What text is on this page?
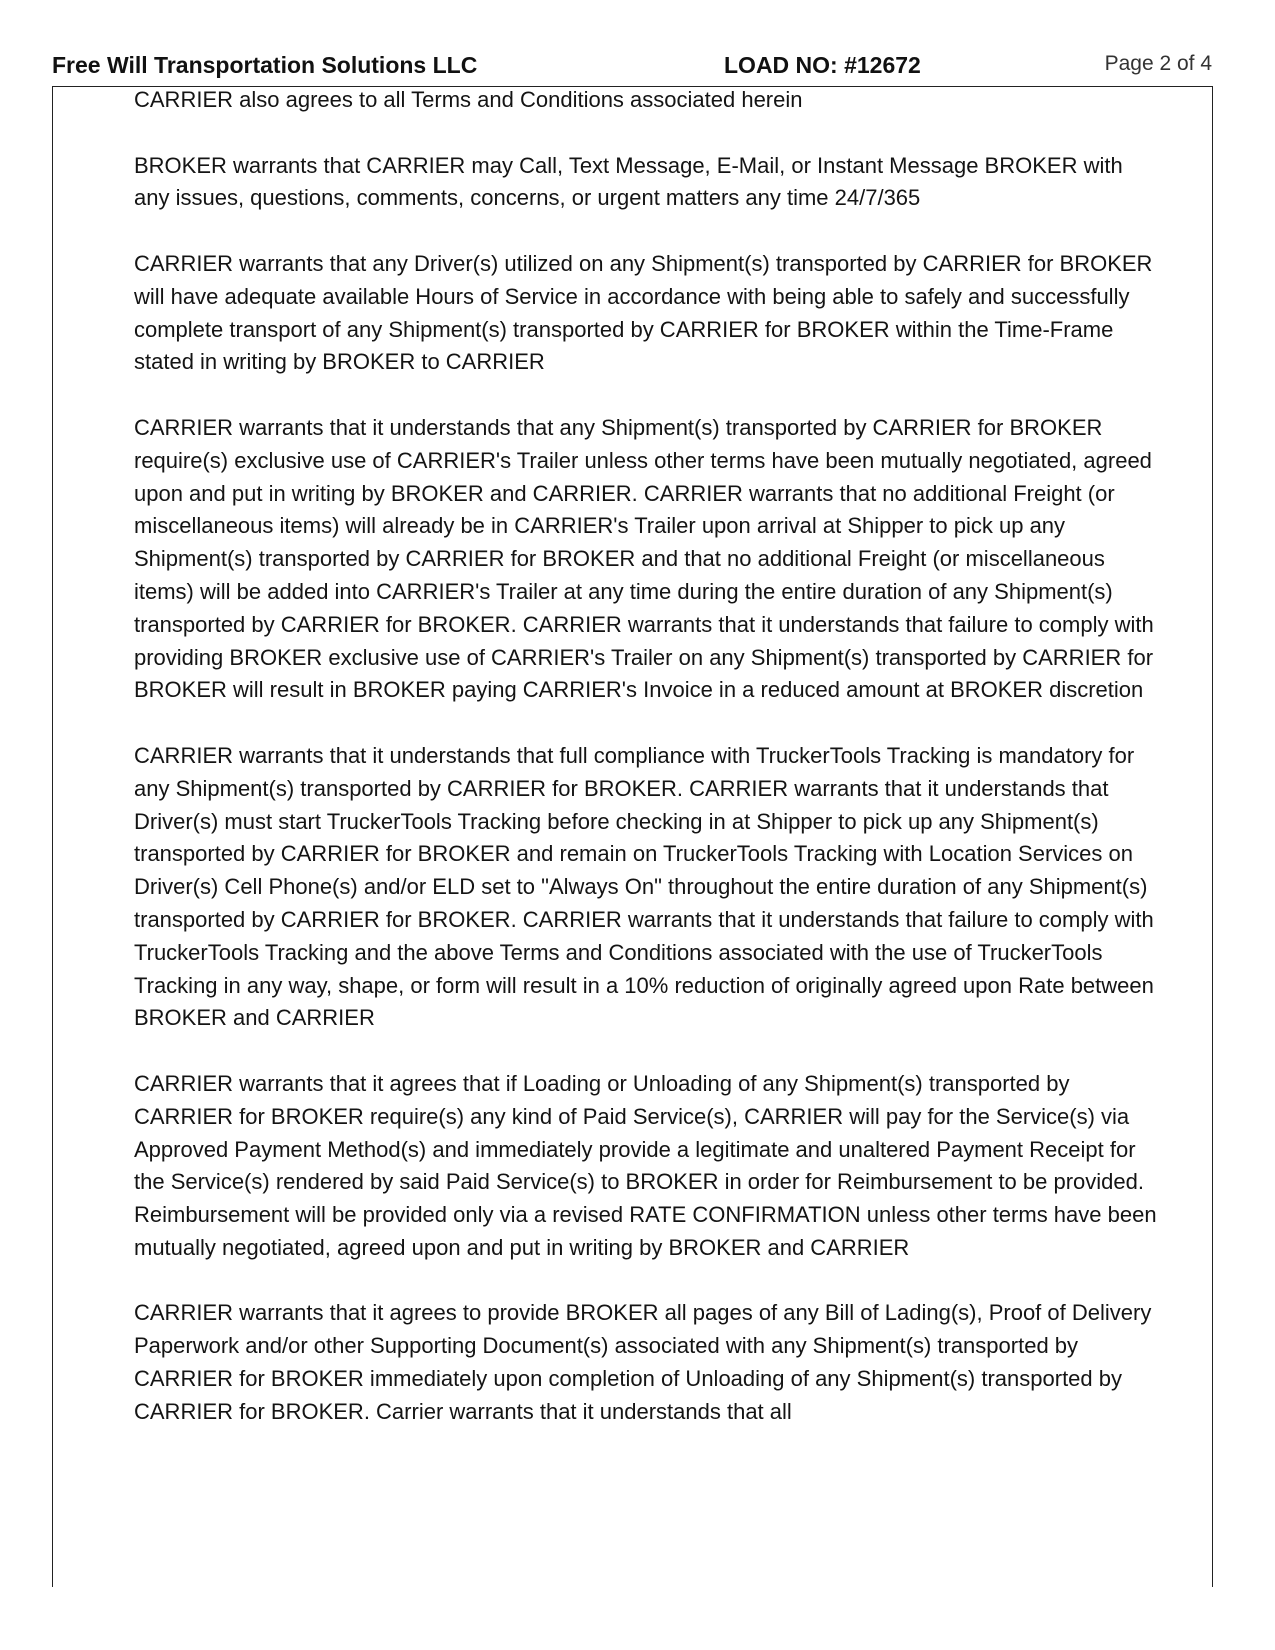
Free Will Transportation Solutions LLC	LOAD NO: #12672	Page 2 of 4

CARRIER also agrees to all Terms and Conditions associated herein

BROKER warrants that CARRIER may Call, Text Message, E-Mail, or Instant Message BROKER with any issues, questions, comments, concerns, or urgent matters any time 24/7/365

CARRIER warrants that any Driver(s) utilized on any Shipment(s) transported by CARRIER for BROKER will have adequate available Hours of Service in accordance with being able to safely and successfully complete transport of any Shipment(s) transported by CARRIER for BROKER within the Time-Frame stated in writing by BROKER to CARRIER

CARRIER warrants that it understands that any Shipment(s) transported by CARRIER for BROKER require(s) exclusive use of CARRIER's Trailer unless other terms have been mutually negotiated, agreed upon and put in writing by BROKER and CARRIER. CARRIER warrants that no additional Freight (or miscellaneous items) will already be in CARRIER's Trailer upon arrival at Shipper to pick up any Shipment(s) transported by CARRIER for BROKER and that no additional Freight (or miscellaneous items) will be added into CARRIER's Trailer at any time during the entire duration of any Shipment(s) transported by CARRIER for BROKER. CARRIER warrants that it understands that failure to comply with providing BROKER exclusive use of CARRIER's Trailer on any Shipment(s) transported by CARRIER for BROKER will result in BROKER paying CARRIER's Invoice in a reduced amount at BROKER discretion

CARRIER warrants that it understands that full compliance with TruckerTools Tracking is mandatory for any Shipment(s) transported by CARRIER for BROKER. CARRIER warrants that it understands that Driver(s) must start TruckerTools Tracking before checking in at Shipper to pick up any Shipment(s) transported by CARRIER for BROKER and remain on TruckerTools Tracking with Location Services on Driver(s) Cell Phone(s) and/or ELD set to "Always On" throughout the entire duration of any Shipment(s) transported by CARRIER for BROKER. CARRIER warrants that it understands that failure to comply with TruckerTools Tracking and the above Terms and Conditions associated with the use of TruckerTools Tracking in any way, shape, or form will result in a 10% reduction of originally agreed upon Rate between BROKER and CARRIER

CARRIER warrants that it agrees that if Loading or Unloading of any Shipment(s) transported by CARRIER for BROKER require(s) any kind of Paid Service(s), CARRIER will pay for the Service(s) via Approved Payment Method(s) and immediately provide a legitimate and unaltered Payment Receipt for the Service(s) rendered by said Paid Service(s) to BROKER in order for Reimbursement to be provided. Reimbursement will be provided only via a revised RATE CONFIRMATION unless other terms have been mutually negotiated, agreed upon and put in writing by BROKER and CARRIER

CARRIER warrants that it agrees to provide BROKER all pages of any Bill of Lading(s), Proof of Delivery Paperwork and/or other Supporting Document(s) associated with any Shipment(s) transported by CARRIER for BROKER immediately upon completion of Unloading of any Shipment(s) transported by CARRIER for BROKER. Carrier warrants that it understands that all
